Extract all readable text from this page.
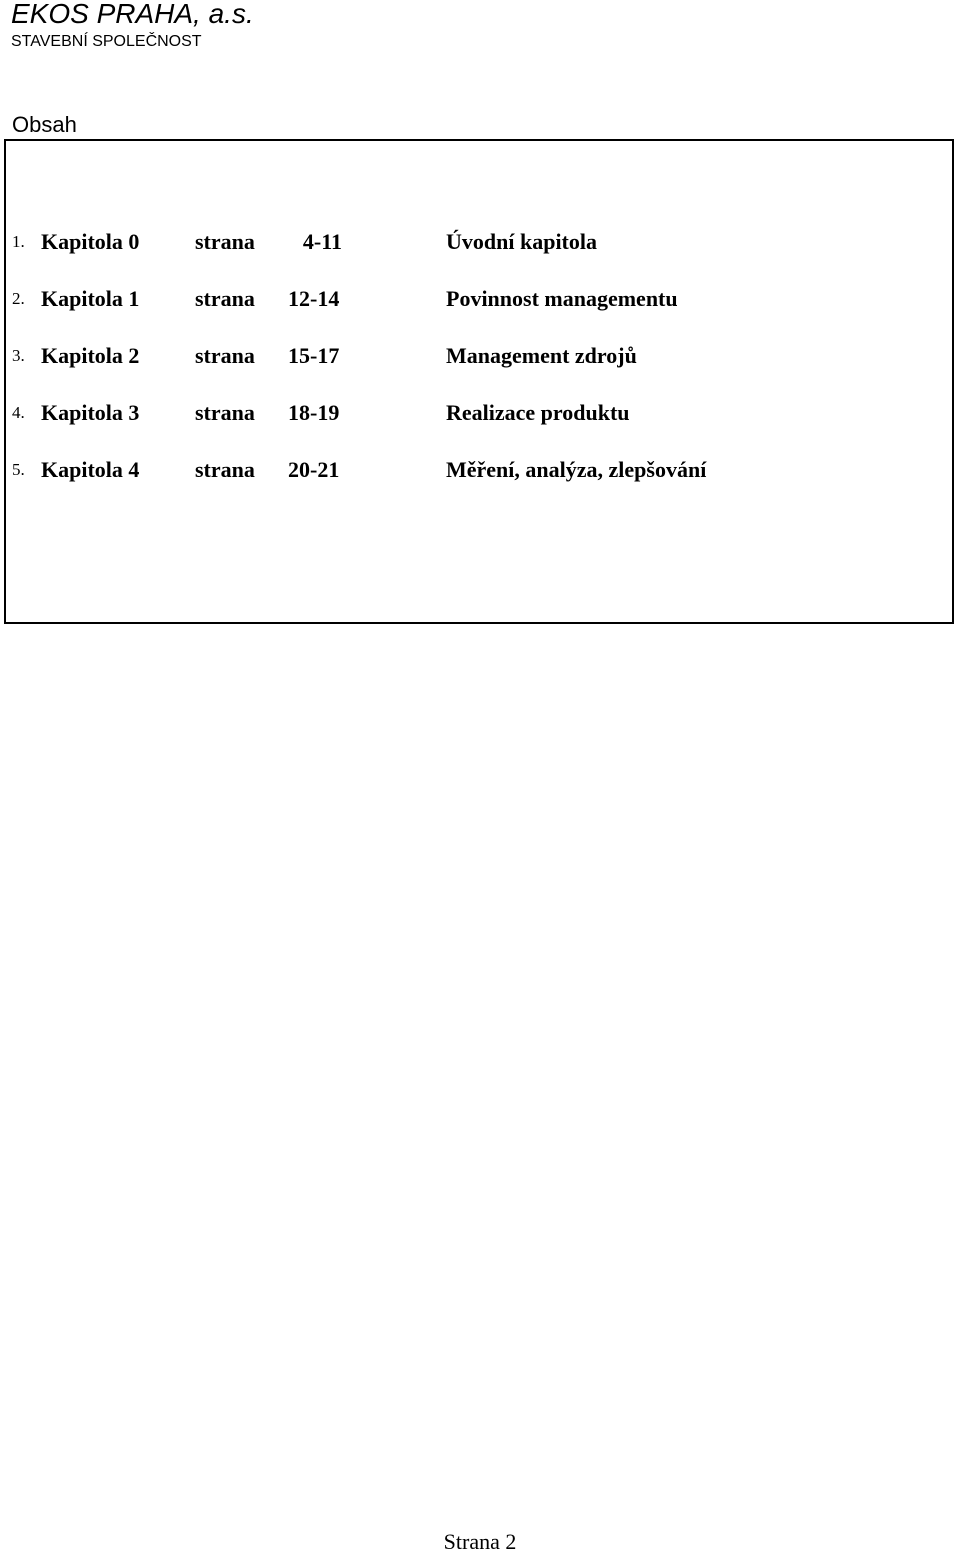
EKOS PRAHA, a.s.
STAVEBNÍ SPOLEČNOST
Obsah
1. Kapitola 0	strana 4-11	Úvodní kapitola
2. Kapitola 1	strana 12-14	Povinnost managementu
3. Kapitola 2	strana 15-17	Management zdrojů
4. Kapitola 3	strana 18-19	Realizace produktu
5. Kapitola 4	strana 20-21	Měření, analýza, zlepšování
Strana 2
